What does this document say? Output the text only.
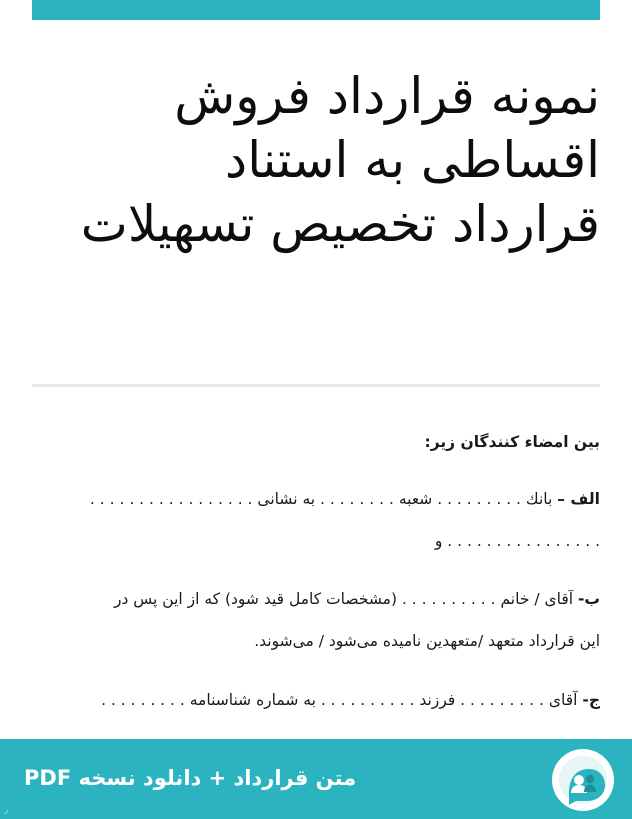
نمونه قرارداد فروش اقساطی به استناد قرارداد تخصیص تسهیلات

بین امضاء کنندگان زیر:

الف – بانك . . . . . . . . . شعبه . . . . . . . . به نشانی . . . . . . . . . . . . . . . . .

. . . . . . . . . . . . . . . . و

ب- آقای / خانم . . . . . . . . . . (مشخصات کامل قید شود) که از این پس در

این قرارداد متعهد /متعهدین نامیده می‌شود / می‌شوند.

ج- آقای . . . . . . . . . فرزند . . . . . . . . . . به شماره شناسنامه . . . . . . . . .

متن قرارداد + دانلود نسخه PDF
ر
